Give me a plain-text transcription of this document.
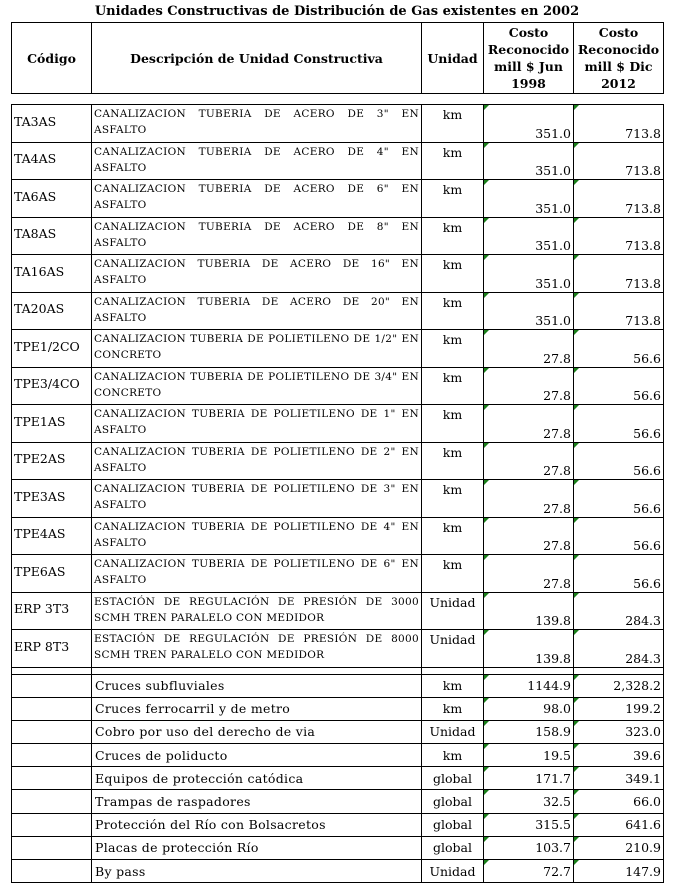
Unidades Constructivas de Distribución de Gas existentes en 2002
Código	Descripción de Unidad Constructiva	Unidad	Costo Reconocido mill $ Jun 1998	Costo Reconocido mill $ Dic 2012

TA3AS	CANALIZACION TUBERIA DE ACERO DE 3" EN ASFALTO	km	351.0	713.8

TA4AS	CANALIZACION TUBERIA DE ACERO DE 4" EN ASFALTO	km	351.0	713.8

TA6AS	CANALIZACION TUBERIA DE ACERO DE 6" EN ASFALTO	km	351.0	713.8

TA8AS	CANALIZACION TUBERIA DE ACERO DE 8" EN ASFALTO	km	351.0	713.8

TA16AS	CANALIZACION TUBERIA DE ACERO DE 16" EN ASFALTO	km	351.0	713.8

TA20AS	CANALIZACION TUBERIA DE ACERO DE 20" EN ASFALTO	km	351.0	713.8

TPE1/2CO	CANALIZACION TUBERIA DE POLIETILENO DE 1/2" EN CONCRETO	km	27.8	56.6

TPE3/4CO	CANALIZACION TUBERIA DE POLIETILENO DE 3/4" EN CONCRETO	km	27.8	56.6

TPE1AS	CANALIZACION TUBERIA DE POLIETILENO DE 1" EN ASFALTO	km	27.8	56.6

TPE2AS	CANALIZACION TUBERIA DE POLIETILENO DE 2" EN ASFALTO	km	27.8	56.6

TPE3AS	CANALIZACION TUBERIA DE POLIETILENO DE 3" EN ASFALTO	km	27.8	56.6

TPE4AS	CANALIZACION TUBERIA DE POLIETILENO DE 4" EN ASFALTO	km	27.8	56.6

TPE6AS	CANALIZACION TUBERIA DE POLIETILENO DE 6" EN ASFALTO	km	27.8	56.6

ERP 3T3	ESTACIÓN DE REGULACIÓN DE PRESIÓN DE 3000 SCMH TREN PARALELO CON MEDIDOR	Unidad	139.8	284.3

ERP 8T3	ESTACIÓN DE REGULACIÓN DE PRESIÓN DE 8000 SCMH TREN PARALELO CON MEDIDOR	Unidad	139.8	284.3

	Cruces subfluviales	km	1144.9	2,328.2
	Cruces ferrocarril y de metro	km	98.0	199.2
	Cobro por uso del derecho de via	Unidad	158.9	323.0
	Cruces de poliducto	km	19.5	39.6
	Equipos de protección catódica	global	171.7	349.1
	Trampas de raspadores	global	32.5	66.0
	Protección del Río con Bolsacretos	global	315.5	641.6
	Placas de protección Río	global	103.7	210.9
	By pass	Unidad	72.7	147.9
